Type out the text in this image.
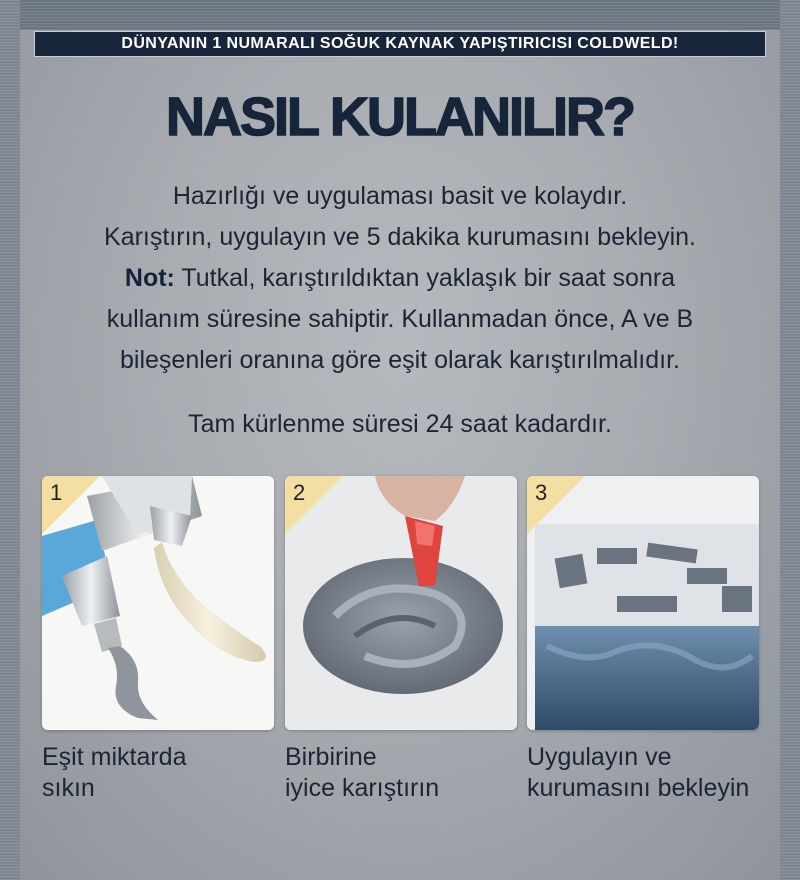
DÜNYANIN 1 NUMARALI SOĞUK KAYNAK YAPIŞTIRICISI COLDWELD!
NASIL KULANILIR?
Hazırlığı ve uygulaması basit ve kolaydır.
Karıştırın, uygulayın ve 5 dakika kurumasını bekleyin.
Not: Tutkal, karıştırıldıktan yaklaşık bir saat sonra
kullanım süresine sahiptir. Kullanmadan önce, A ve B
bileşenleri oranına göre eşit olarak karıştırılmalıdır.
Tam kürlenme süresi 24 saat kadardır.
1
Eşit miktarda
sıkın
2
Birbirine
iyice karıştırın
3
Uygulayın ve
kurumasını bekleyin
